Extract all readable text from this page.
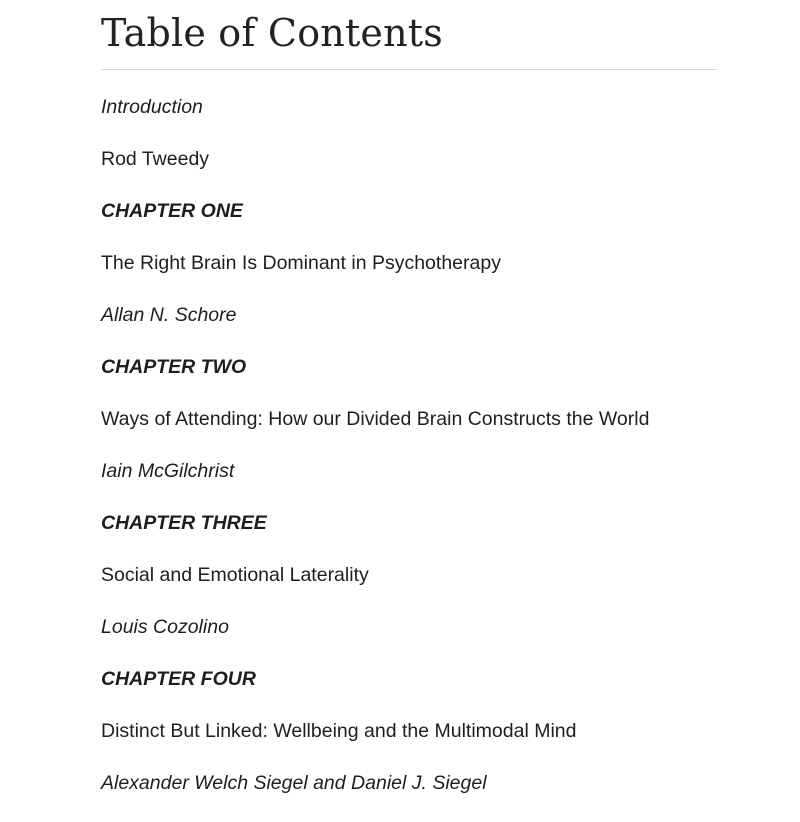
Table of Contents
Introduction
Rod Tweedy
CHAPTER ONE
The Right Brain Is Dominant in Psychotherapy
Allan N. Schore
CHAPTER TWO
Ways of Attending: How our Divided Brain Constructs the World
Iain McGilchrist
CHAPTER THREE
Social and Emotional Laterality
Louis Cozolino
CHAPTER FOUR
Distinct But Linked: Wellbeing and the Multimodal Mind
Alexander Welch Siegel and Daniel J. Siegel
